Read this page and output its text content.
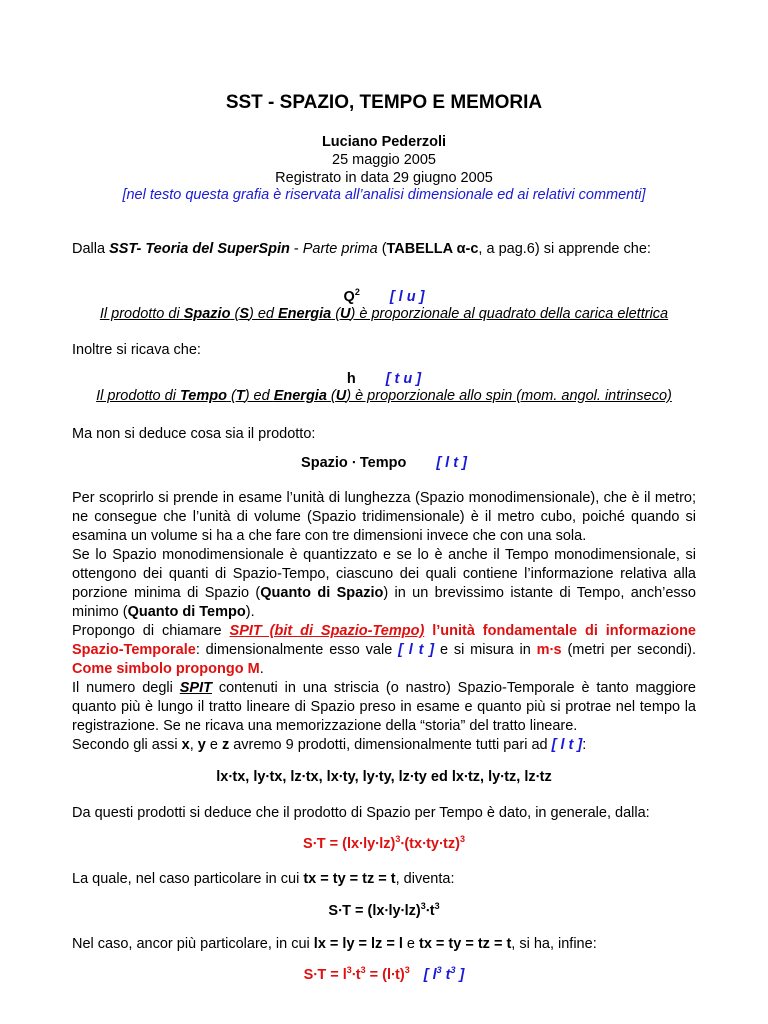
SST - SPAZIO, TEMPO E MEMORIA
Luciano Pederzoli
25 maggio 2005
Registrato in data 29 giugno 2005
[nel testo questa grafia è riservata all’analisi dimensionale ed ai relativi commenti]
Dalla SST- Teoria del SuperSpin - Parte prima (TABELLA α-c, a pag.6) si apprende che:
$Q^2$ [ l u ]
Il prodotto di Spazio (S) ed Energia (U) è proporzionale al quadrato della carica elettrica
Inoltre si ricava che:
h [ t u ]
Il prodotto di Tempo (T) ed Energia (U) è proporzionale allo spin (mom. angol. intrinseco)
Ma non si deduce cosa sia il prodotto:
Spazio ∙ Tempo [ l t ]
Per scoprirlo si prende in esame l’unità di lunghezza (Spazio monodimensionale), che è il metro; ne consegue che l’unità di volume (Spazio tridimensionale) è il metro cubo, poiché quando si esamina un volume si ha a che fare con tre dimensioni invece che con una sola.
Se lo Spazio monodimensionale è quantizzato e se lo è anche il Tempo monodimensionale, si ottengono dei quanti di Spazio-Tempo, ciascuno dei quali contiene l’informazione relativa alla porzione minima di Spazio (Quanto di Spazio) in un brevissimo istante di Tempo, anch’esso minimo (Quanto di Tempo).
Propongo di chiamare SPIT (bit di Spazio-Tempo) l’unità fondamentale di informazione Spazio-Temporale: dimensionalmente esso vale [ l t ] e si misura in m∙s (metri per secondi). Come simbolo propongo M.
Il numero degli SPIT contenuti in una striscia (o nastro) Spazio-Temporale è tanto maggiore quanto più è lungo il tratto lineare di Spazio preso in esame e quanto più si protrae nel tempo la registrazione. Se ne ricava una memorizzazione della “storia” del tratto lineare.
Secondo gli assi x, y e z avremo 9 prodotti, dimensionalmente tutti pari ad [ l t ]:
lx∙tx, ly∙tx, lz∙tx, lx∙ty, ly∙ty, lz∙ty ed lx∙tz, ly∙tz, lz∙tz
Da questi prodotti si deduce che il prodotto di Spazio per Tempo è dato, in generale, dalla:
$S\cdot T = (lx\cdot ly\cdot lz)^3\cdot(tx\cdot ty\cdot tz)^3$
La quale, nel caso particolare in cui tx = ty = tz = t, diventa:
$S\cdot T = (lx\cdot ly\cdot lz)^3\cdot t^3$
Nel caso, ancor più particolare, in cui lx = ly = lz = l e tx = ty = tz = t, si ha, infine:
$S\cdot T = l^3\cdot t^3 = (l\cdot t)^3$ [ $l^3$ $t^3$ ]
